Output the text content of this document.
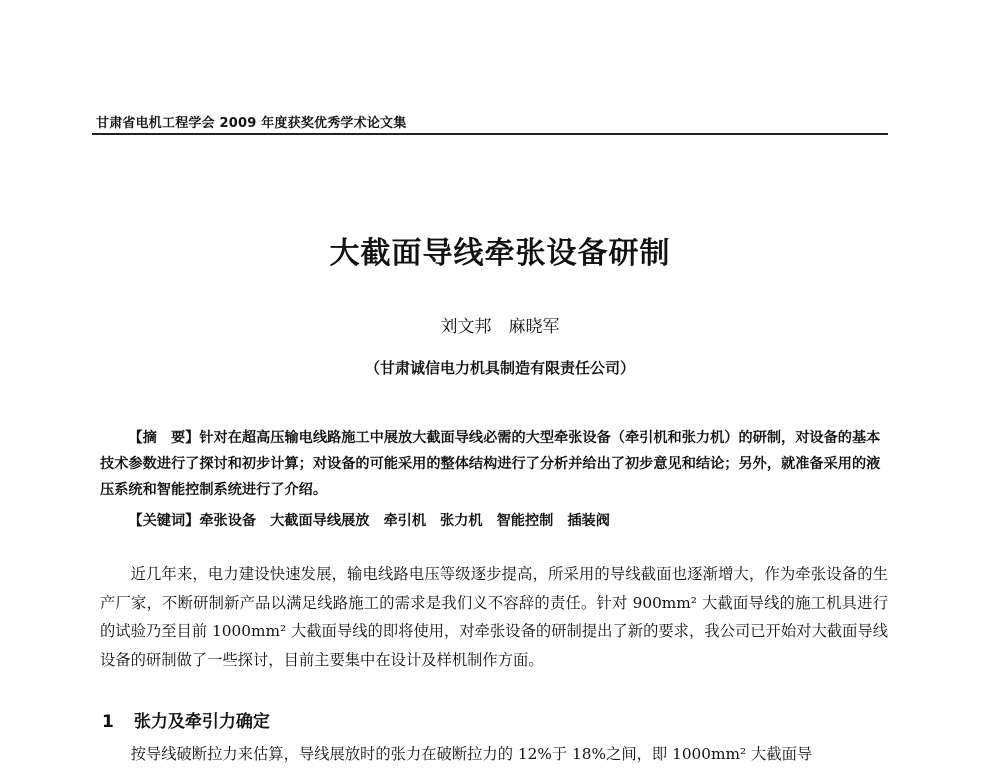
甘肃省电机工程学会 2009 年度获奖优秀学术论文集
大截面导线牵张设备研制
刘文邦　麻晓军
（甘肃诚信电力机具制造有限责任公司）

【摘　要】针对在超高压输电线路施工中展放大截面导线必需的大型牵张设备（牵引机和张力机）的研制，对设备的基本技术参数进行了探讨和初步计算；对设备的可能采用的整体结构进行了分析并给出了初步意见和结论；另外，就准备采用的液压系统和智能控制系统进行了介绍。

【关键词】牵张设备 大截面导线展放 牵引机 张力机 智能控制 插装阀

近几年来，电力建设快速发展，输电线路电压等级逐步提高，所采用的导线截面也逐渐增大，作为牵张设备的生产厂家，不断研制新产品以满足线路施工的需求是我们义不容辞的责任。针对 900mm² 大截面导线的施工机具进行的试验乃至目前 1000mm² 大截面导线的即将使用，对牵张设备的研制提出了新的要求，我公司已开始对大截面导线设备的研制做了一些探讨，目前主要集中在设计及样机制作方面。

1 张力及牵引力确定
按导线破断拉力来估算，导线展放时的张力在破断拉力的 12%于 18%之间，即 1000mm² 大截面导
